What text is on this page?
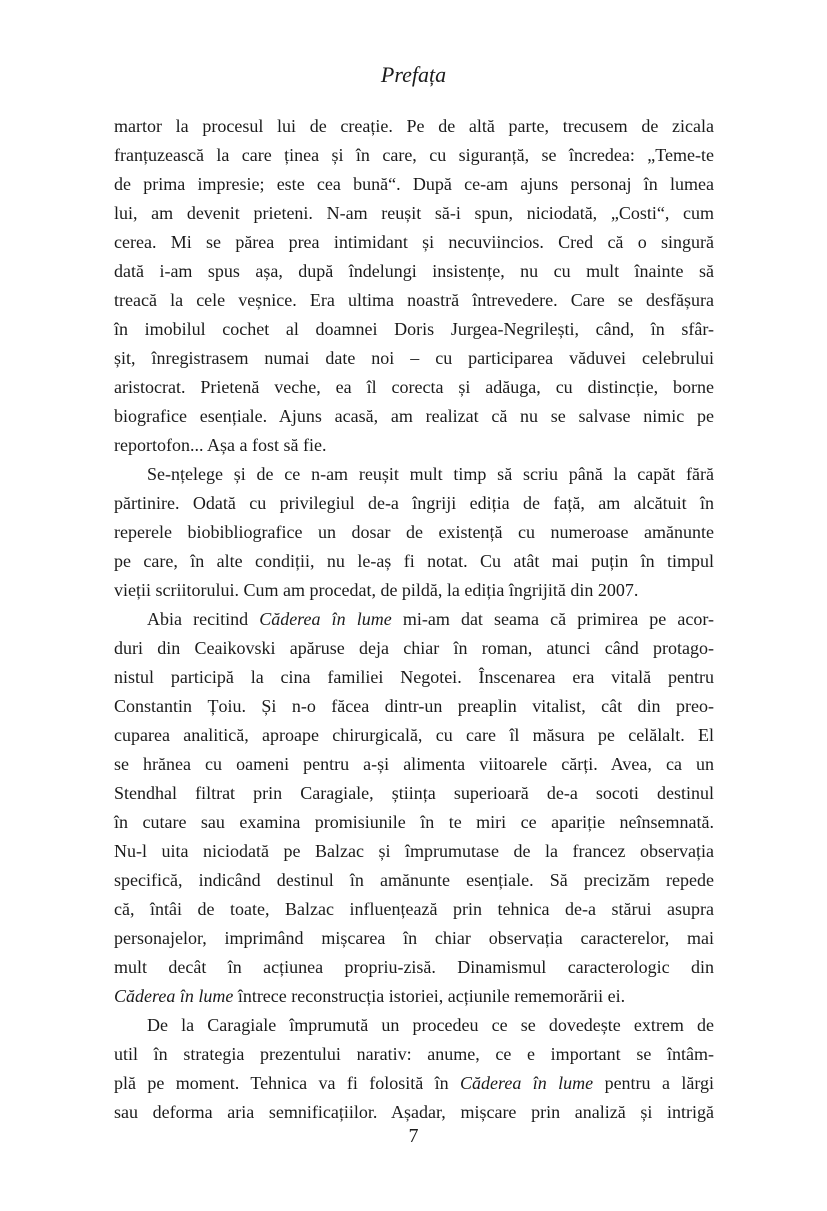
Prefața
martor la procesul lui de creație. Pe de altă parte, trecusem de zicala
franțuzească la care ținea și în care, cu siguranță, se încredea: „Teme-te
de prima impresie; este cea bună“. După ce-am ajuns personaj în lumea
lui, am devenit prieteni. N-am reușit să-i spun, niciodată, „Costi“, cum
cerea. Mi se părea prea intimidant și necuviincios. Cred că o singură
dată i-am spus așa, după îndelungi insistențe, nu cu mult înainte să
treacă la cele veșnice. Era ultima noastră întrevedere. Care se desfășura
în imobilul cochet al doamnei Doris Jurgea-Negrilești, când, în sfâr-
șit, înregistrasem numai date noi – cu participarea văduvei celebrului
aristocrat. Prietenă veche, ea îl corecta și adăuga, cu distincție, borne
biografice esențiale. Ajuns acasă, am realizat că nu se salvase nimic pe
reportofon... Așa a fost să fie.
Se-nțelege și de ce n-am reușit mult timp să scriu până la capăt fără
părtinire. Odată cu privilegiul de-a îngriji ediția de față, am alcătuit în
reperele biobibliografice un dosar de existență cu numeroase amănunte
pe care, în alte condiții, nu le-aș fi notat. Cu atât mai puțin în timpul
vieții scriitorului. Cum am procedat, de pildă, la ediția îngrijită din 2007.
Abia recitind Căderea în lume mi-am dat seama că primirea pe acor-
duri din Ceaikovski apăruse deja chiar în roman, atunci când protago-
nistul participă la cina familiei Negotei. Înscenarea era vitală pentru
Constantin Țoiu. Și n-o făcea dintr-un preaplin vitalist, cât din preo-
cuparea analitică, aproape chirurgicală, cu care îl măsura pe celălalt. El
se hrănea cu oameni pentru a-și alimenta viitoarele cărți. Avea, ca un
Stendhal filtrat prin Caragiale, știința superioară de-a socoti destinul
în cutare sau examina promisiunile în te miri ce apariție neînsemnată.
Nu-l uita niciodată pe Balzac și împrumutase de la francez observația
specifică, indicând destinul în amănunte esențiale. Să precizăm repede
că, întâi de toate, Balzac influențează prin tehnica de-a stărui asupra
personajelor, imprimând mișcarea în chiar observația caracterelor, mai
mult decât în acțiunea propriu-zisă. Dinamismul caracterologic din
Căderea în lume întrece reconstrucția istoriei, acțiunile rememorării ei.
De la Caragiale împrumută un procedeu ce se dovedește extrem de
util în strategia prezentului narativ: anume, ce e important se întâm-
plă pe moment. Tehnica va fi folosită în Căderea în lume pentru a lărgi
sau deforma aria semnificațiilor. Așadar, mișcare prin analiză și intrigă
7
